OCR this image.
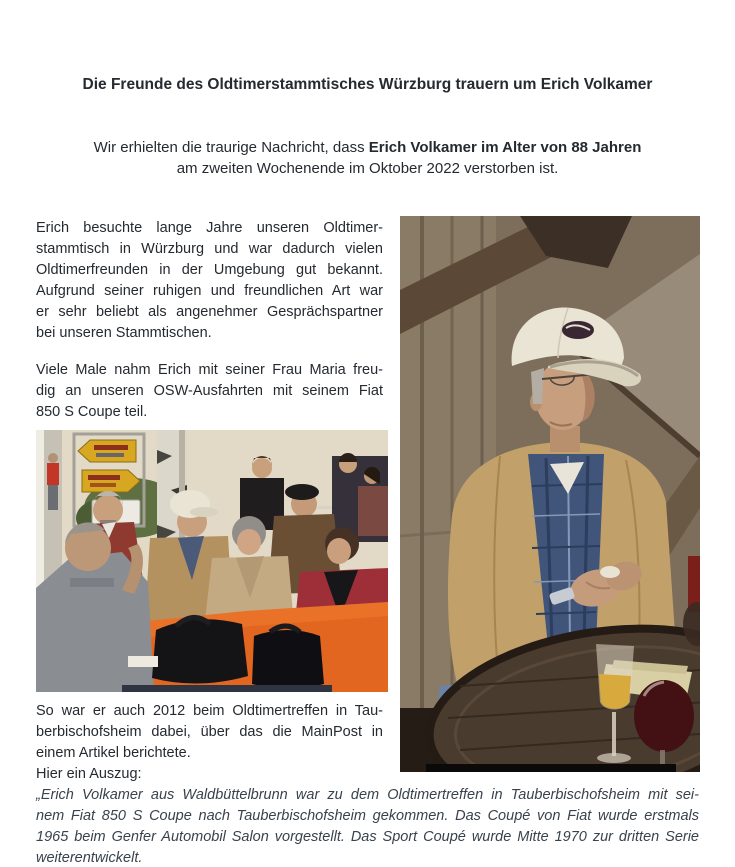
Die Freunde des Oldtimerstammtisches Würzburg trauern um Erich Volkamer
Wir erhielten die traurige Nachricht, dass Erich Volkamer im Alter von 88 Jahren
am zweiten Wochenende im Oktober 2022 verstorben ist.
Erich besuchte lange Jahre unseren Oldtimer-
stammtisch in Würzburg und war dadurch vielen
Oldtimerfreunden in der Umgebung gut bekannt.
Aufgrund seiner ruhigen und freundlichen Art war
er sehr beliebt als angenehmer Gesprächspartner
bei unseren Stammtischen.
Viele Male nahm Erich mit seiner Frau Maria freu-
dig an unseren OSW-Ausfahrten mit seinem Fiat
850 S Coupe teil.
So war er auch 2012 beim Oldtimertreffen in Tau-
berbischofsheim dabei, über das die MainPost in
einem Artikel berichtete.
Hier ein Auszug:
„Erich Volkamer aus Waldbüttelbrunn war zu dem Oldtimertreffen in Tauberbischofsheim mit sei-
nem Fiat 850 S Coupe nach Tauberbischofsheim gekommen. Das Coupé von Fiat wurde erstmals
1965 beim Genfer Automobil Salon vorgestellt. Das Sport Coupé wurde Mitte 1970 zur dritten Serie
weiterentwickelt.
